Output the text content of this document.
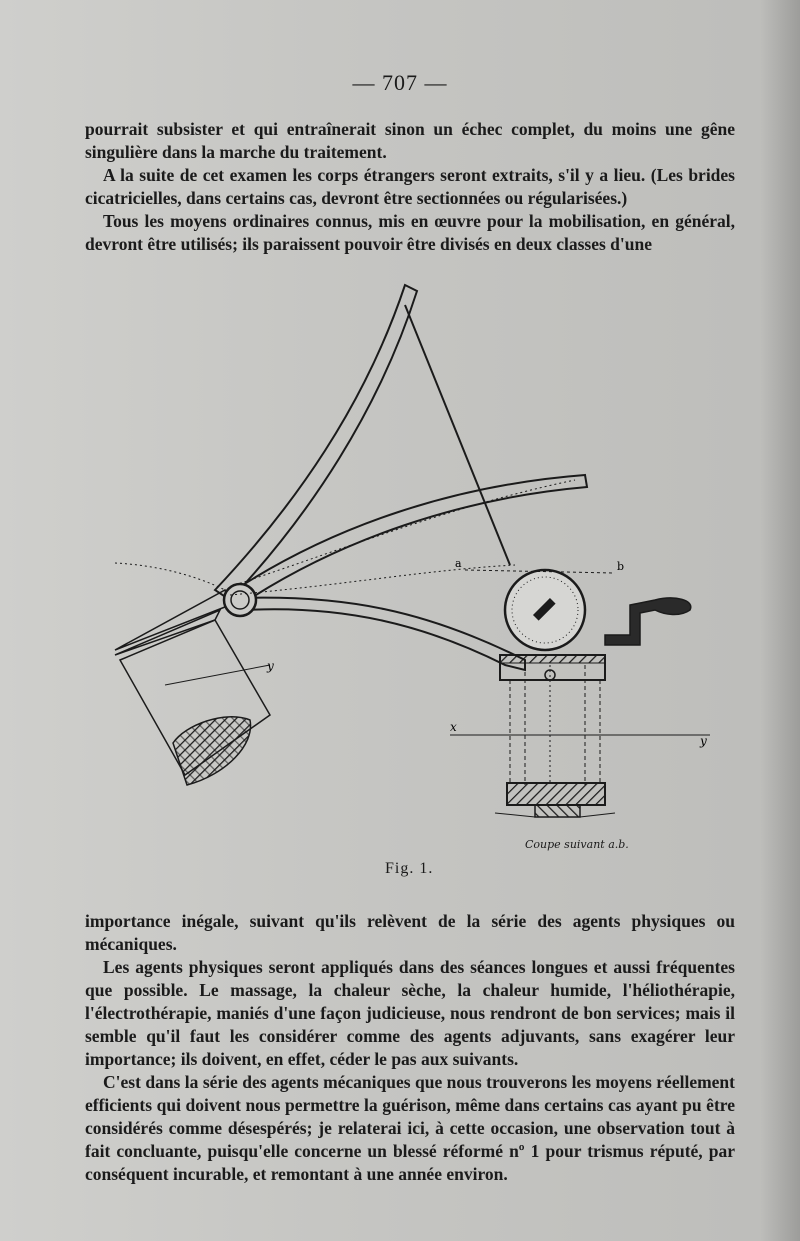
— 707 —

pourrait subsister et qui entraînerait sinon un échec complet, du moins une gêne singulière dans la marche du traitement.

A la suite de cet examen les corps étrangers seront extraits, s'il y a lieu. (Les brides cicatricielles, dans certains cas, devront être sectionnées ou régularisées.)

Tous les moyens ordinaires connus, mis en œuvre pour la mobilisation, en général, devront être utilisés; ils paraissent pouvoir être divisés en deux classes d'une

a	b
x
y
y
Coupe suivant a.b.
Fig. 1.

importance inégale, suivant qu'ils relèvent de la série des agents physiques ou mécaniques.

Les agents physiques seront appliqués dans des séances longues et aussi fréquentes que possible. Le massage, la chaleur sèche, la chaleur humide, l'héliothérapie, l'électrothérapie, maniés d'une façon judicieuse, nous rendront de bon services; mais il semble qu'il faut les considérer comme des agents adjuvants, sans exagérer leur importance; ils doivent, en effet, céder le pas aux suivants.

C'est dans la série des agents mécaniques que nous trouverons les moyens réellement efficients qui doivent nous permettre la guérison, même dans certains cas ayant pu être considérés comme désespérés; je relaterai ici, à cette occasion, une observation tout à fait concluante, puisqu'elle concerne un blessé réformé nº 1 pour trismus réputé, par conséquent incurable, et remontant à une année environ.
